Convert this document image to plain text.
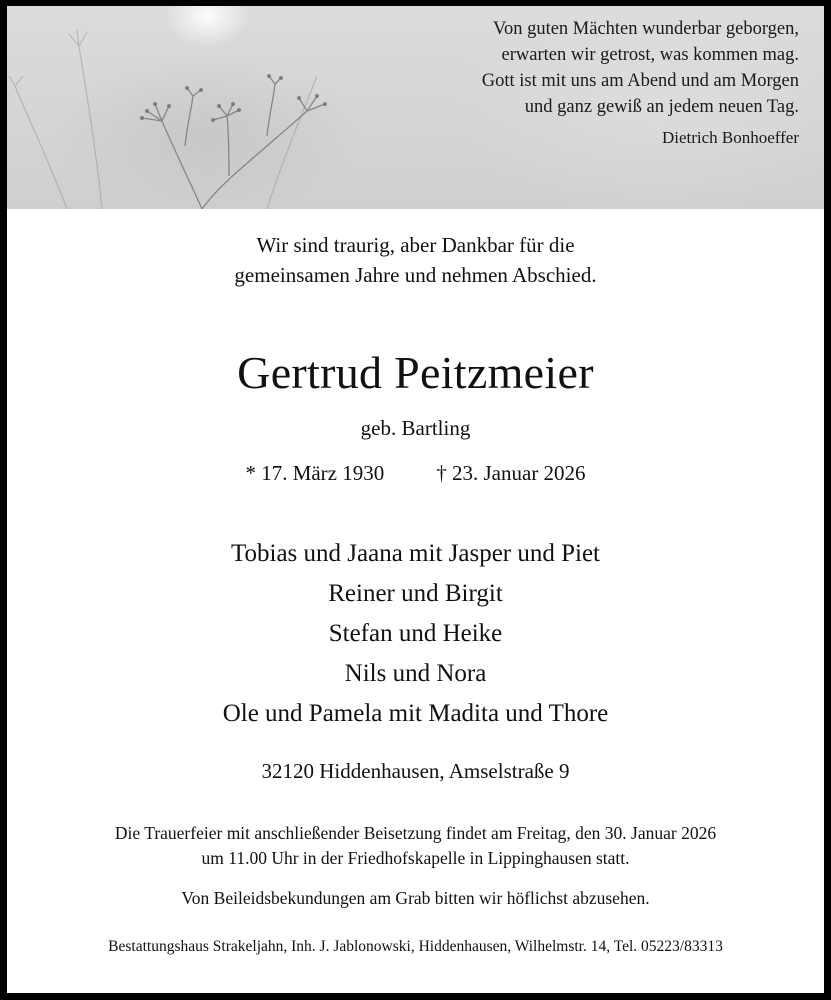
Von guten Mächten wunderbar geborgen,
erwarten wir getrost, was kommen mag.
Gott ist mit uns am Abend und am Morgen
und ganz gewiß an jedem neuen Tag.
Dietrich Bonhoeffer
Wir sind traurig, aber Dankbar für die
gemeinsamen Jahre und nehmen Abschied.
Gertrud Peitzmeier
geb. Bartling
* 17. März 1930 † 23. Januar 2026
Tobias und Jaana mit Jasper und Piet
Reiner und Birgit
Stefan und Heike
Nils und Nora
Ole und Pamela mit Madita und Thore
32120 Hiddenhausen, Amselstraße 9
Die Trauerfeier mit anschließender Beisetzung findet am Freitag, den 30. Januar 2026
um 11.00 Uhr in der Friedhofskapelle in Lippinghausen statt.
Von Beileidsbekundungen am Grab bitten wir höflichst abzusehen.
Bestattungshaus Strakeljahn, Inh. J. Jablonowski, Hiddenhausen, Wilhelmstr. 14, Tel. 05223/83313
